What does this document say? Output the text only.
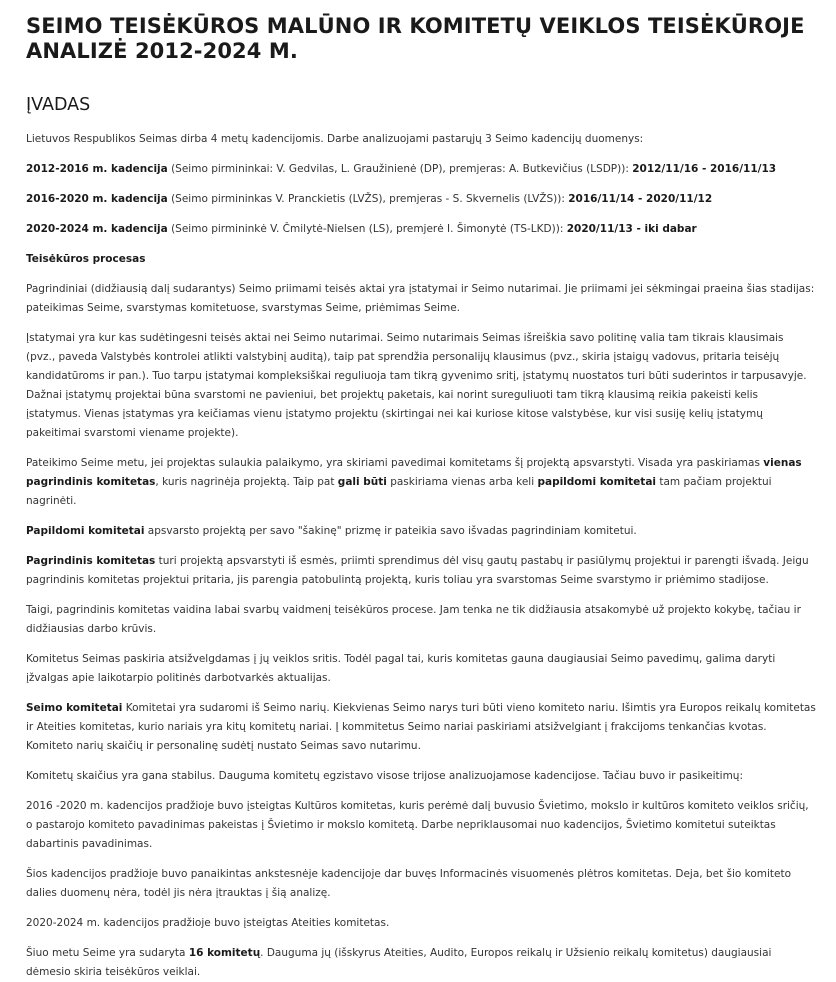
SEIMO TEISĖKŪROS MALŪNO IR KOMITETŲ VEIKLOS TEISĖKŪROJE ANALIZĖ 2012-2024 M.
ĮVADAS

Lietuvos Respublikos Seimas dirba 4 metų kadencijomis. Darbe analizuojami pastarųjų 3 Seimo kadencijų duomenys:

2012-2016 m. kadencija (Seimo pirmininkai: V. Gedvilas, L. Graužinienė (DP), premjeras: A. Butkevičius (LSDP)): 2012/11/16 - 2016/11/13

2016-2020 m. kadencija (Seimo pirmininkas V. Pranckietis (LVŽS), premjeras - S. Skvernelis (LVŽS)): 2016/11/14 - 2020/11/12

2020-2024 m. kadencija (Seimo pirmininkė V. Čmilytė-Nielsen (LS), premjerė I. Šimonytė (TS-LKD)): 2020/11/13 - iki dabar

Teisėkūros procesas

Pagrindiniai (didžiausią dalį sudarantys) Seimo priimami teisės aktai yra įstatymai ir Seimo nutarimai. Jie priimami jei sėkmingai praeina šias stadijas: pateikimas Seime, svarstymas komitetuose, svarstymas Seime, priėmimas Seime.

Įstatymai yra kur kas sudėtingesni teisės aktai nei Seimo nutarimai. Seimo nutarimais Seimas išreiškia savo politinę valia tam tikrais klausimais (pvz., paveda Valstybės kontrolei atlikti valstybinį auditą), taip pat sprendžia personalijų klausimus (pvz., skiria įstaigų vadovus, pritaria teisėjų kandidatūroms ir pan.). Tuo tarpu įstatymai kompleksiškai reguliuoja tam tikrą gyvenimo sritį, įstatymų nuostatos turi būti suderintos ir tarpusavyje. Dažnai įstatymų projektai būna svarstomi ne pavieniui, bet projektų paketais, kai norint sureguliuoti tam tikrą klausimą reikia pakeisti kelis įstatymus. Vienas įstatymas yra keičiamas vienu įstatymo projektu (skirtingai nei kai kuriose kitose valstybėse, kur visi susiję kelių įstatymų pakeitimai svarstomi viename projekte).

Pateikimo Seime metu, jei projektas sulaukia palaikymo, yra skiriami pavedimai komitetams šį projektą apsvarstyti. Visada yra paskiriamas vienas pagrindinis komitetas, kuris nagrinėja projektą. Taip pat gali būti paskiriama vienas arba keli papildomi komitetai tam pačiam projektui nagrinėti.

Papildomi komitetai apsvarsto projektą per savo "šakinę" prizmę ir pateikia savo išvadas pagrindiniam komitetui.

Pagrindinis komitetas turi projektą apsvarstyti iš esmės, priimti sprendimus dėl visų gautų pastabų ir pasiūlymų projektui ir parengti išvadą. Jeigu pagrindinis komitetas projektui pritaria, jis parengia patobulintą projektą, kuris toliau yra svarstomas Seime svarstymo ir priėmimo stadijose.

Taigi, pagrindinis komitetas vaidina labai svarbų vaidmenį teisėkūros procese. Jam tenka ne tik didžiausia atsakomybė už projekto kokybę, tačiau ir didžiausias darbo krūvis.

Komitetus Seimas paskiria atsižvelgdamas į jų veiklos sritis. Todėl pagal tai, kuris komitetas gauna daugiausiai Seimo pavedimų, galima daryti įžvalgas apie laikotarpio politinės darbotvarkės aktualijas.

Seimo komitetai Komitetai yra sudaromi iš Seimo narių. Kiekvienas Seimo narys turi būti vieno komiteto nariu. Išimtis yra Europos reikalų komitetas ir Ateities komitetas, kurio nariais yra kitų komitetų nariai. Į kommitetus Seimo nariai paskiriami atsižvelgiant į frakcijoms tenkančias kvotas. Komiteto narių skaičių ir personalinę sudėtį nustato Seimas savo nutarimu.

Komitetų skaičius yra gana stabilus. Dauguma komitetų egzistavo visose trijose analizuojamose kadencijose. Tačiau buvo ir pasikeitimų:

2016 -2020 m. kadencijos pradžioje buvo įsteigtas Kultūros komitetas, kuris perėmė dalį buvusio Švietimo, mokslo ir kultūros komiteto veiklos sričių, o pastarojo komiteto pavadinimas pakeistas į Švietimo ir mokslo komitetą. Darbe nepriklausomai nuo kadencijos, Švietimo komitetui suteiktas dabartinis pavadinimas.

Šios kadencijos pradžioje buvo panaikintas ankstesnėje kadencijoje dar buvęs Informacinės visuomenės plėtros komitetas. Deja, bet šio komiteto dalies duomenų nėra, todėl jis nėra įtrauktas į šią analizę.

2020-2024 m. kadencijos pradžioje buvo įsteigtas Ateities komitetas.

Šiuo metu Seime yra sudaryta 16 komitetų. Dauguma jų (išskyrus Ateities, Audito, Europos reikalų ir Užsienio reikalų komitetus) daugiausiai dėmesio skiria teisėkūros veiklai.
